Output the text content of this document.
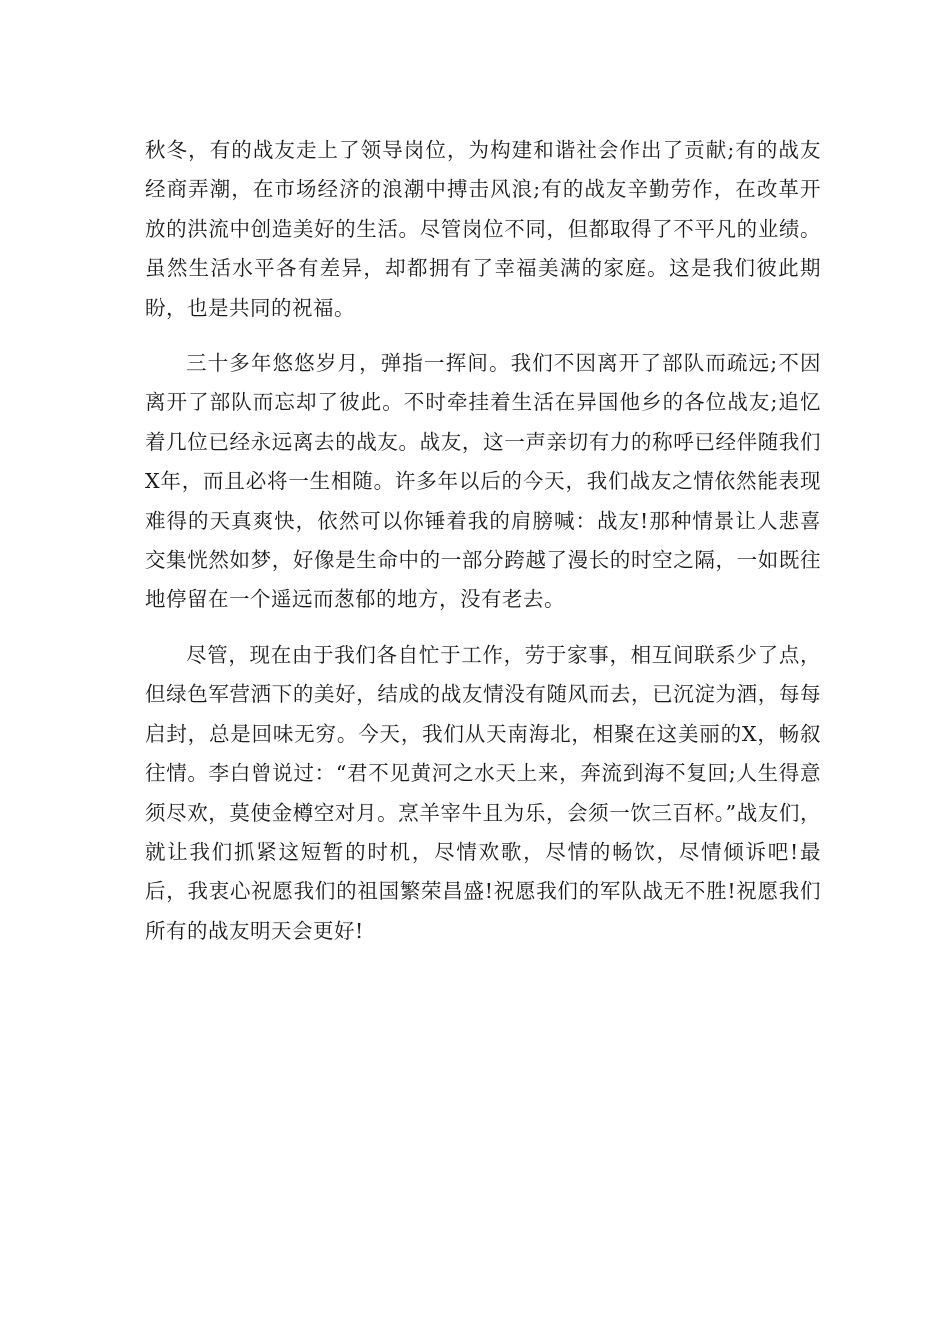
秋冬，有的战友走上了领导岗位，为构建和谐社会作出了贡献;有的战友经商弄潮，在市场经济的浪潮中搏击风浪;有的战友辛勤劳作，在改革开放的洪流中创造美好的生活。尽管岗位不同，但都取得了不平凡的业绩。虽然生活水平各有差异，却都拥有了幸福美满的家庭。这是我们彼此期盼，也是共同的祝福。

三十多年悠悠岁月，弹指一挥间。我们不因离开了部队而疏远;不因离开了部队而忘却了彼此。不时牵挂着生活在异国他乡的各位战友;追忆着几位已经永远离去的战友。战友，这一声亲切有力的称呼已经伴随我们X年，而且必将一生相随。许多年以后的今天，我们战友之情依然能表现难得的天真爽快，依然可以你锤着我的肩膀喊：战友!那种情景让人悲喜交集恍然如梦，好像是生命中的一部分跨越了漫长的时空之隔，一如既往地停留在一个遥远而葱郁的地方，没有老去。

尽管，现在由于我们各自忙于工作，劳于家事，相互间联系少了点，但绿色军营洒下的美好，结成的战友情没有随风而去，已沉淀为酒，每每启封，总是回味无穷。今天，我们从天南海北，相聚在这美丽的X，畅叙往情。李白曾说过：“君不见黄河之水天上来，奔流到海不复回;人生得意须尽欢，莫使金樽空对月。烹羊宰牛且为乐，会须一饮三百杯。”战友们，就让我们抓紧这短暂的时机，尽情欢歌，尽情的畅饮，尽情倾诉吧!最后，我衷心祝愿我们的祖国繁荣昌盛!祝愿我们的军队战无不胜!祝愿我们所有的战友明天会更好!
